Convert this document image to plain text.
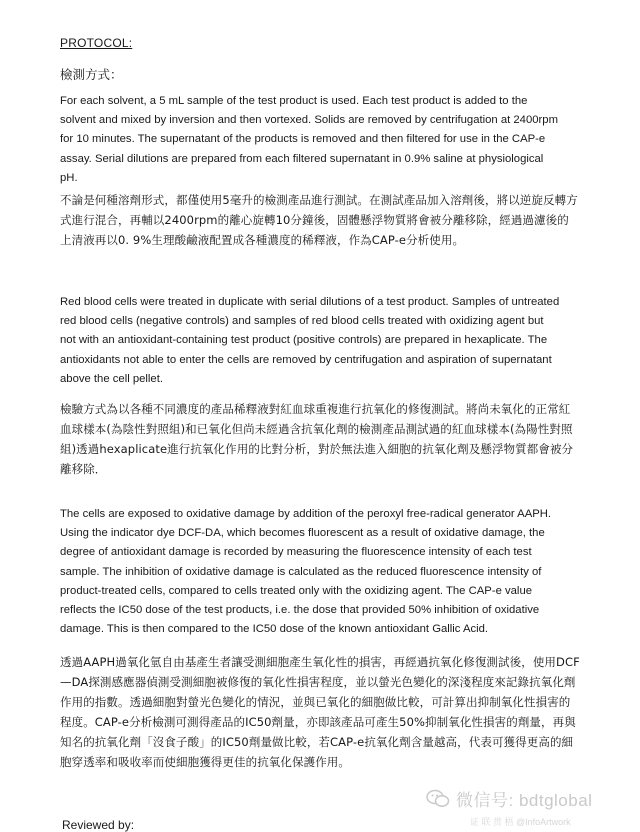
PROTOCOL:
檢測方式：
For each solvent, a 5 mL sample of the test product is used. Each test product is added to the solvent and mixed by inversion and then vortexed. Solids are removed by centrifugation at 2400rpm for 10 minutes. The supernatant of the products is removed and then filtered for use in the CAP-e assay. Serial dilutions are prepared from each filtered supernatant in 0.9% saline at physiological pH.
不論是何種溶劑形式，都僅使用5毫升的檢測產品進行測試。在測試產品加入溶劑後，將以逆旋反轉方式進行混合，再輔以2400rpm的離心旋轉10分鐘後，固體懸浮物質將會被分離移除，經過過濾後的上清液再以0. 9%生理酸鹼液配置成各種濃度的稀釋液，作為CAP-e分析使用。
Red blood cells were treated in duplicate with serial dilutions of a test product. Samples of untreated red blood cells (negative controls) and samples of red blood cells treated with oxidizing agent but not with an antioxidant-containing test product (positive controls) are prepared in hexaplicate. The antioxidants not able to enter the cells are removed by centrifugation and aspiration of supernatant above the cell pellet.
檢驗方式為以各種不同濃度的產品稀釋液對紅血球重複進行抗氧化的修復測試。將尚未氧化的正常紅血球樣本(為陰性對照組)和已氧化但尚未經過含抗氧化劑的檢測產品測試過的紅血球樣本(為陽性對照組)透過hexaplicate進行抗氧化作用的比對分析，對於無法進入細胞的抗氧化劑及懸浮物質都會被分離移除．
The cells are exposed to oxidative damage by addition of the peroxyl free-radical generator AAPH. Using the indicator dye DCF-DA, which becomes fluorescent as a result of oxidative damage, the degree of antioxidant damage is recorded by measuring the fluorescence intensity of each test sample. The inhibition of oxidative damage is calculated as the reduced fluorescence intensity of product-treated cells, compared to cells treated only with the oxidizing agent. The CAP-e value reflects the IC50 dose of the test products, i.e. the dose that provided 50% inhibition of oxidative damage. This is then compared to the IC50 dose of the known antioxidant Gallic Acid.
透過AAPH過氧化氫自由基產生者讓受測細胞產生氧化性的損害，再經過抗氧化修復測試後，使用DCF—DA探測感應器偵測受測細胞被修復的氧化性損害程度，並以螢光色變化的深淺程度來記錄抗氧化劑作用的指數。透過細胞對螢光色變化的情況，並與已氧化的細胞做比較，可計算出抑制氧化性損害的程度。CAP-e分析檢測可測得產品的IC50劑量，亦即該產品可產生50%抑制氧化性損害的劑量，再與知名的抗氧化劑「沒食子酸」的IC50劑量做比較，若CAP-e抗氧化劑含量越高，代表可獲得更高的細胞穿透率和吸收率而使細胞獲得更佳的抗氧化保護作用。
微信号: bdtglobal
证 联 贯 梧 @InfoArtwork
Reviewed by:
